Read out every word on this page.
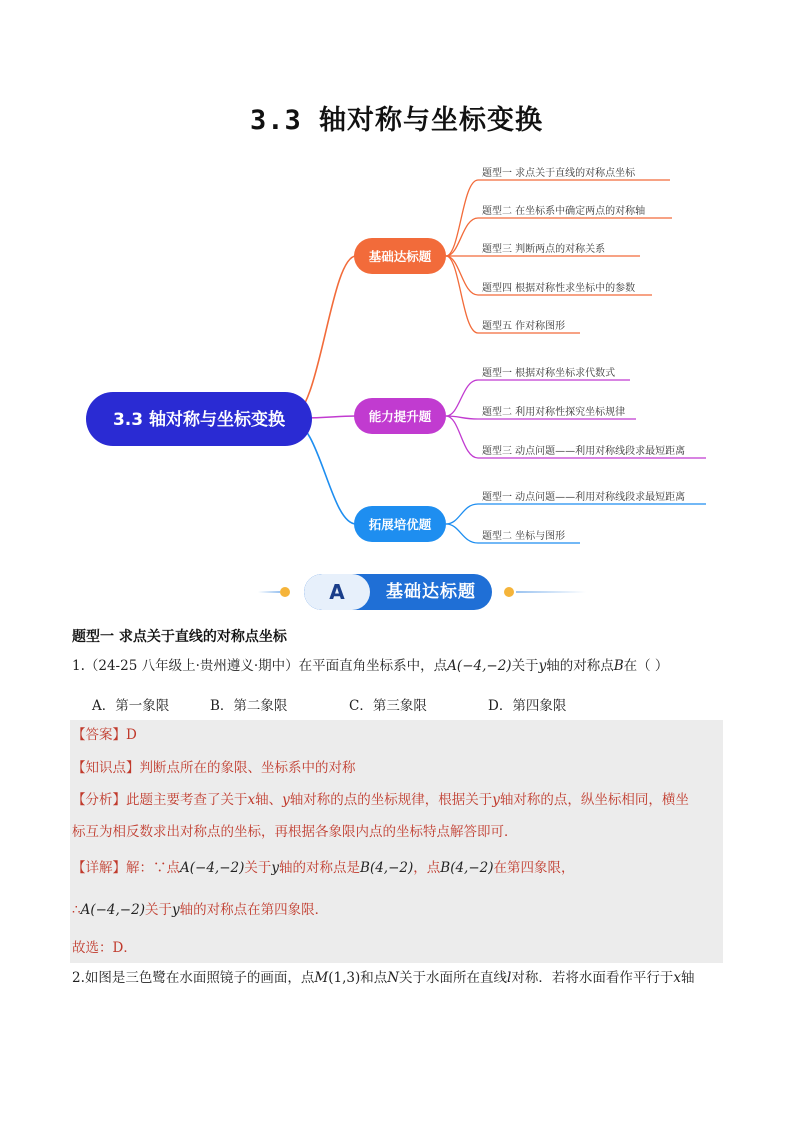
3.3 轴对称与坐标变换
3.3 轴对称与坐标变换
基础达标题
能力提升题
拓展培优题
题型一 求点关于直线的对称点坐标
题型二 在坐标系中确定两点的对称轴
题型三 判断两点的对称关系
题型四 根据对称性求坐标中的参数
题型五 作对称图形
题型一 根据对称坐标求代数式
题型二 利用对称性探究坐标规律
题型三 动点问题——利用对称线段求最短距离
题型一 动点问题——利用对称线段求最短距离
题型二 坐标与图形
A	基础达标题
题型一 求点关于直线的对称点坐标
1.（24-25 八年级上·贵州遵义·期中）在平面直角坐标系中，点A(−4,−2)关于y轴的对称点B在（ ）
A．第一象限	B．第二象限	C．第三象限	D．第四象限
【答案】D
【知识点】判断点所在的象限、坐标系中的对称
【分析】此题主要考查了关于x轴、y轴对称的点的坐标规律，根据关于y轴对称的点，纵坐标相同，横坐
标互为相反数求出对称点的坐标，再根据各象限内点的坐标特点解答即可．
【详解】解：∵点A(−4,−2)关于y轴的对称点是B(4,−2)，点B(4,−2)在第四象限，
∴A(−4,−2)关于y轴的对称点在第四象限．
故选：D．
2.如图是三色鹭在水面照镜子的画面，点M(1,3)和点N关于水面所在直线l对称．若将水面看作平行于x轴
